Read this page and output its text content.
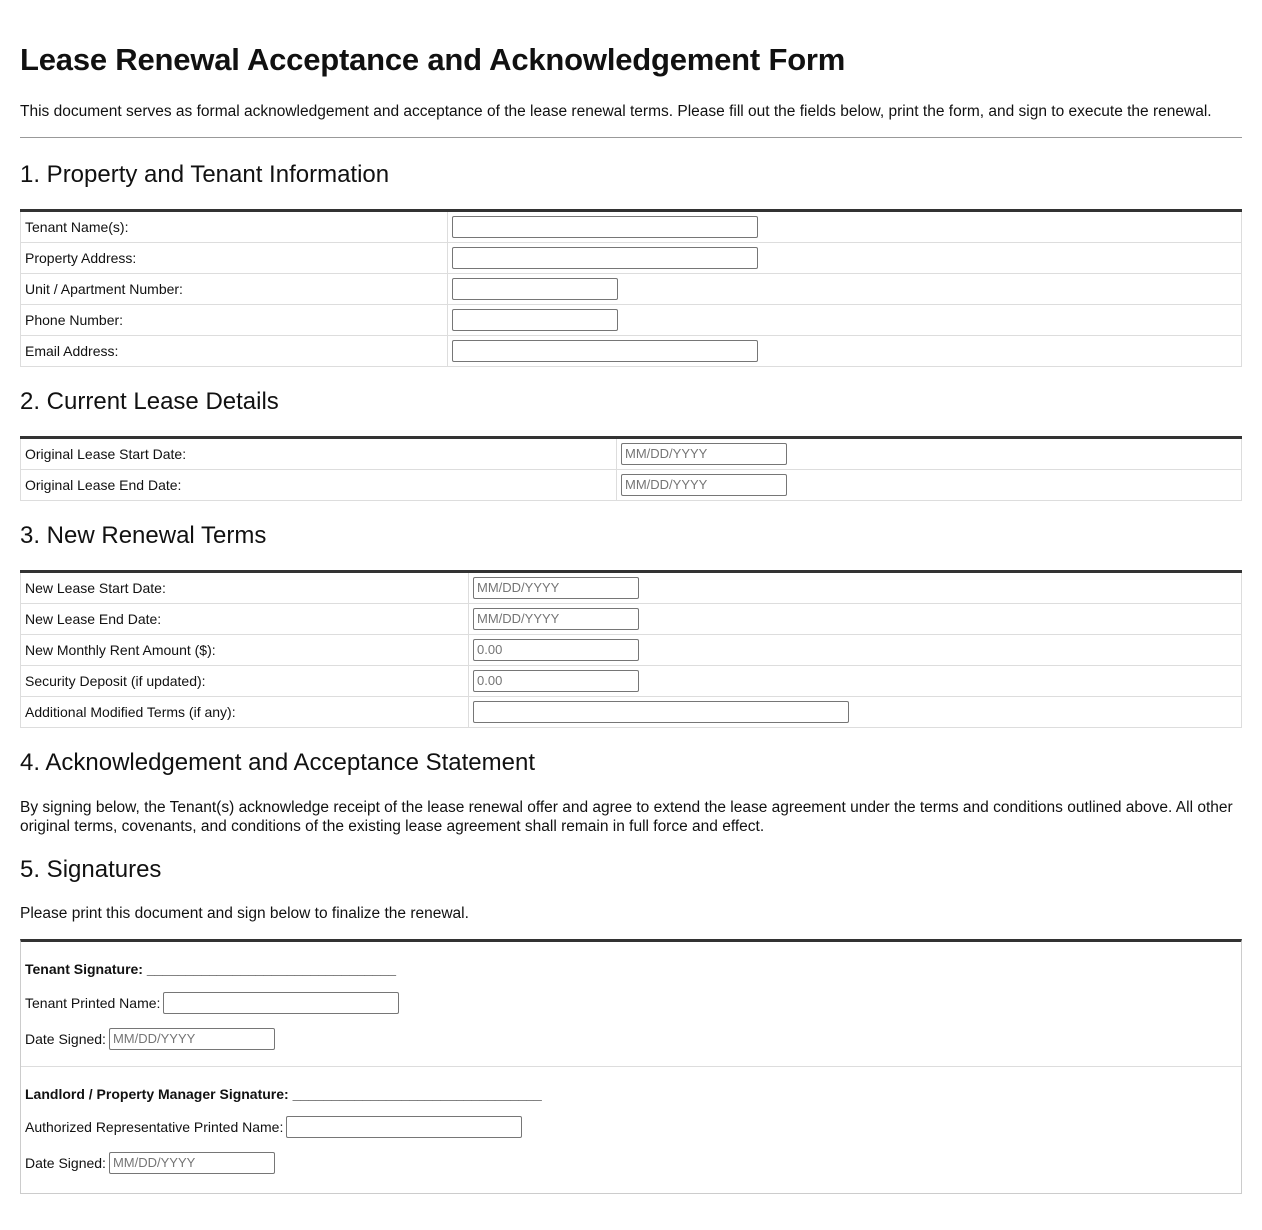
Lease Renewal Acceptance and Acknowledgement Form

This document serves as formal acknowledgement and acceptance of the lease renewal terms. Please fill out the fields below, print the form, and sign to execute the renewal.

1. Property and Tenant Information
Tenant Name(s):	
Property Address:	
Unit / Apartment Number:	
Phone Number:	
Email Address:	
2. Current Lease Details
Original Lease Start Date:	MM/DD/YYYY
Original Lease End Date:	MM/DD/YYYY
3. New Renewal Terms
New Lease Start Date:	MM/DD/YYYY
New Lease End Date:	MM/DD/YYYY
New Monthly Rent Amount ($):	0.00
Security Deposit (if updated):	0.00
Additional Modified Terms (if any):	
4. Acknowledgement and Acceptance Statement

By signing below, the Tenant(s) acknowledge receipt of the lease renewal offer and agree to extend the lease agreement under the terms and conditions outlined above. All other original terms, covenants, and conditions of the existing lease agreement shall remain in full force and effect.

5. Signatures

Please print this document and sign below to finalize the renewal.

Tenant Signature: ________________________________
Tenant Printed Name:
Date Signed: MM/DD/YYYY
Landlord / Property Manager Signature: ________________________________
Authorized Representative Printed Name:
Date Signed: MM/DD/YYYY
